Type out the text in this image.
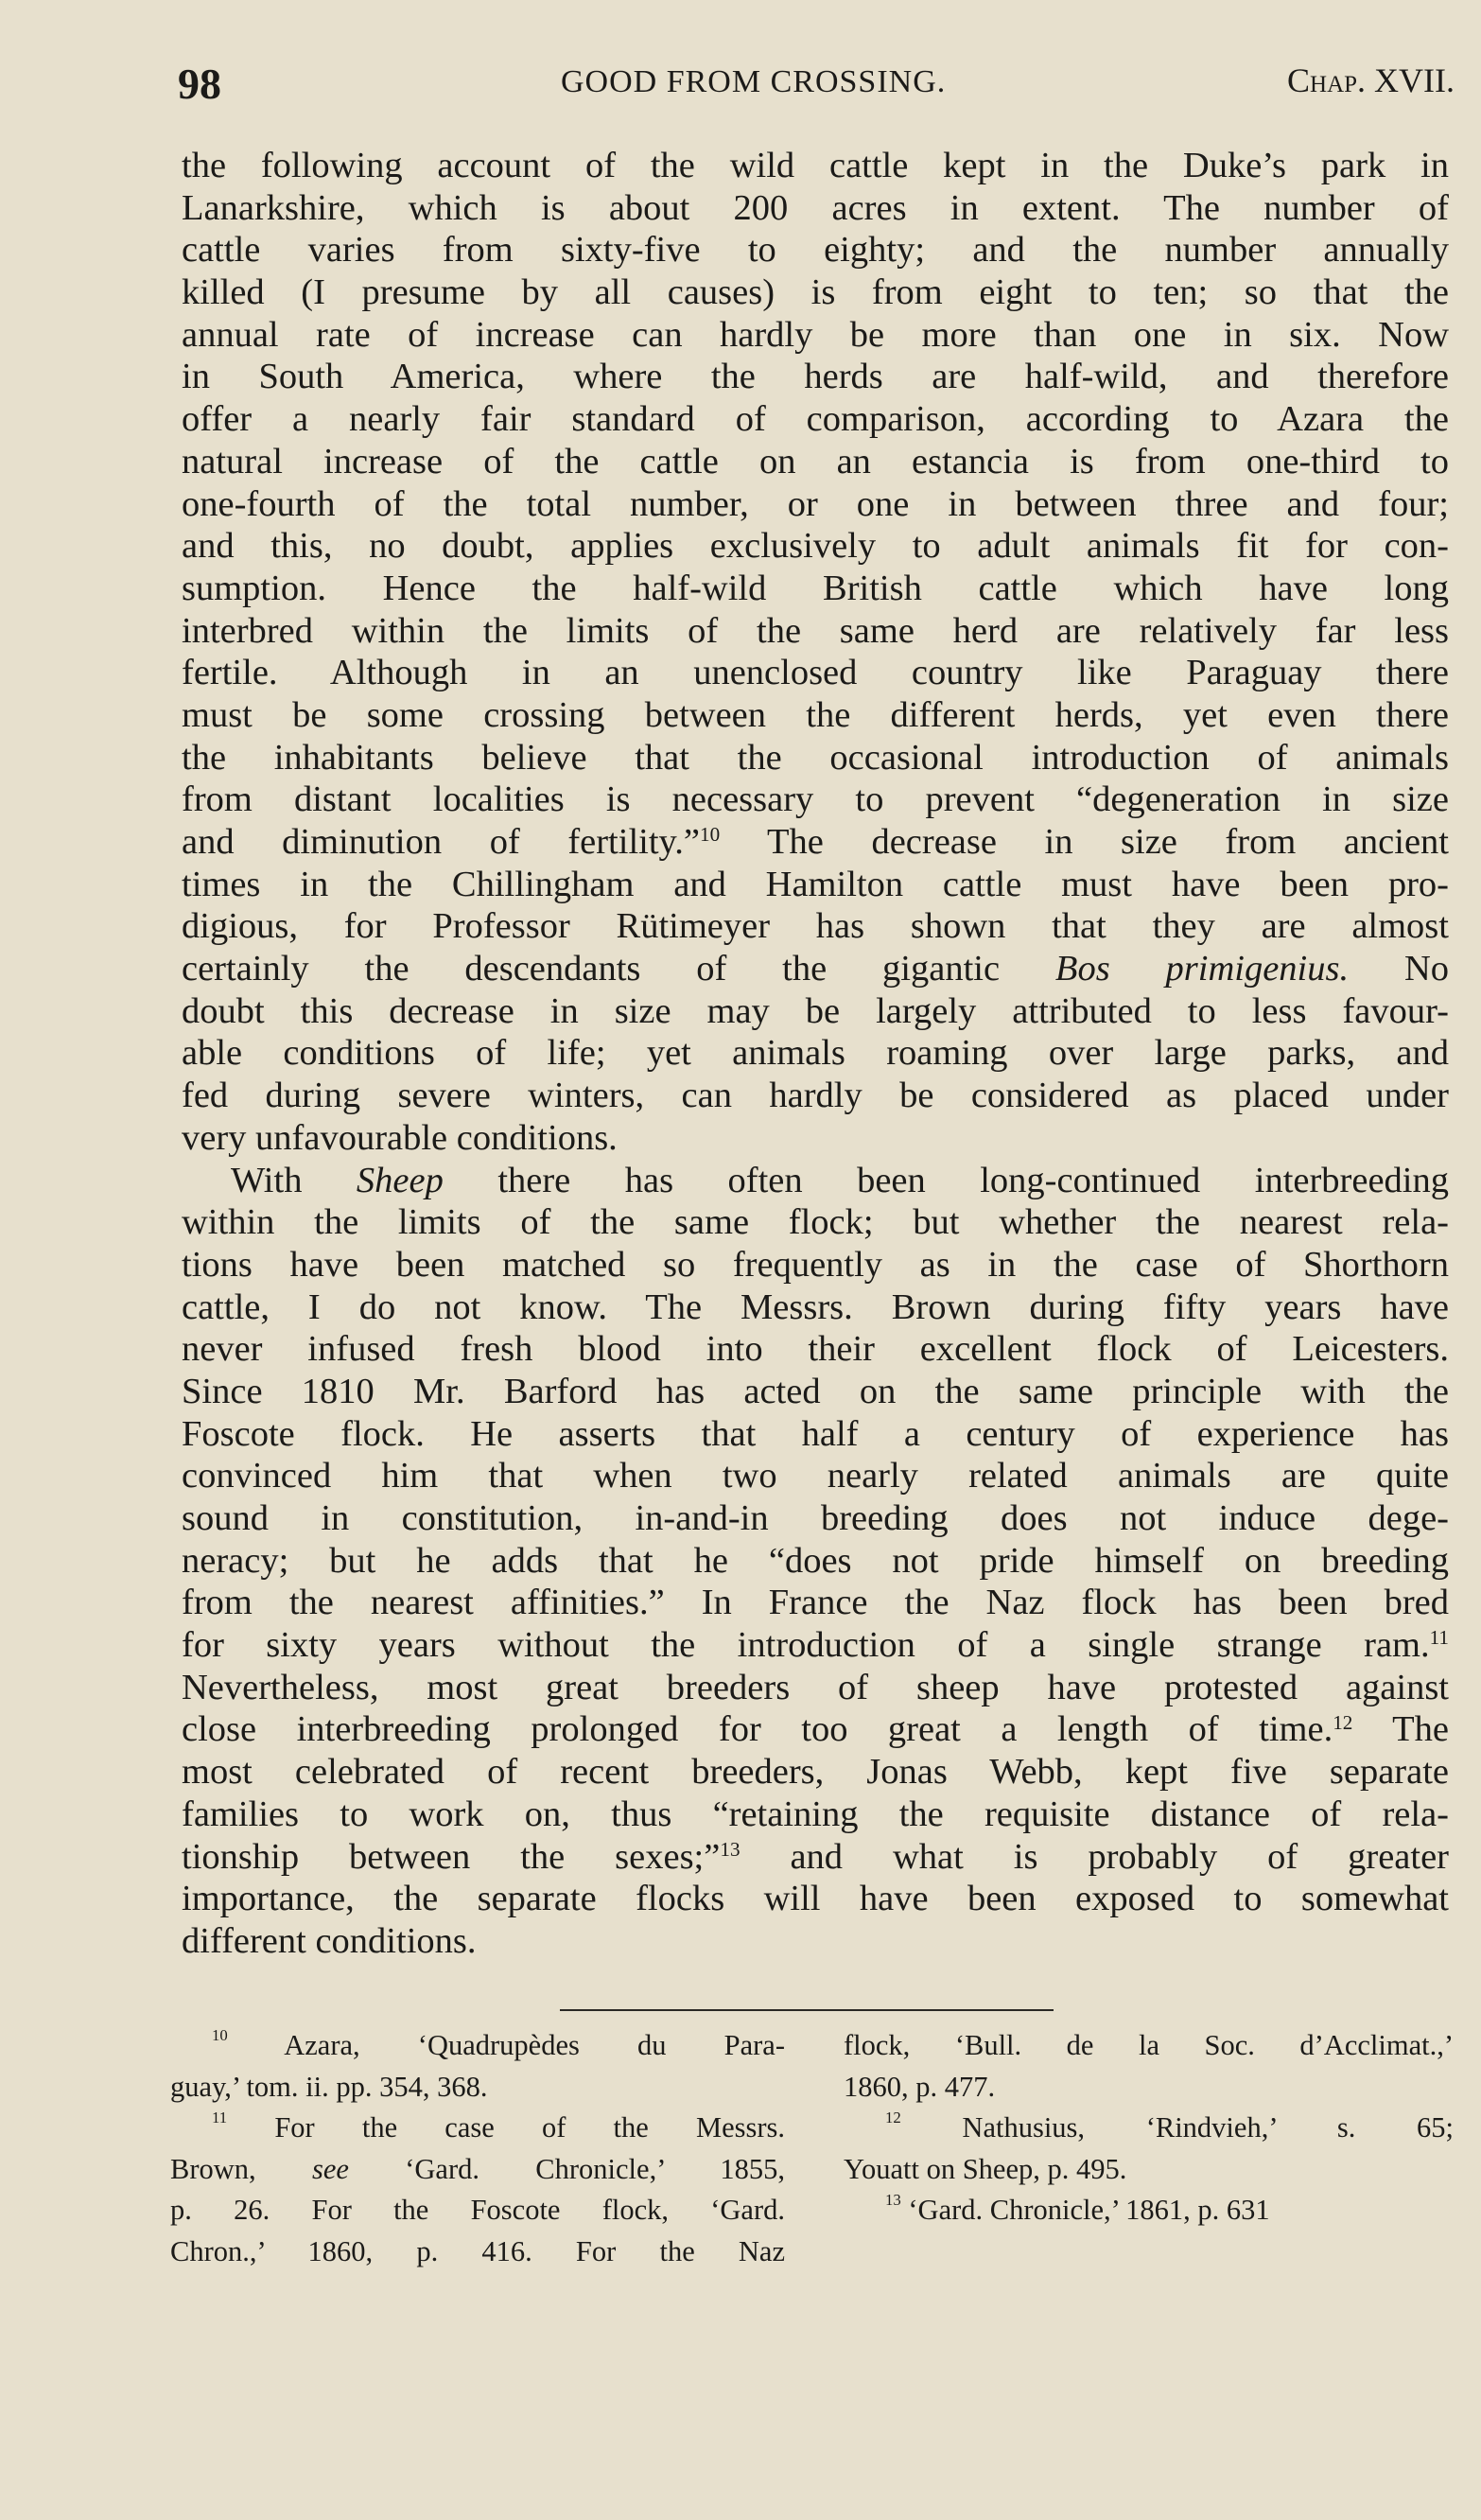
98	GOOD FROM CROSSING.	Chap. XVII.
the following account of the wild cattle kept in the Duke’s park in
Lanarkshire, which is about 200 acres in extent. The number of
cattle varies from sixty-five to eighty; and the number annually
killed (I presume by all causes) is from eight to ten; so that the
annual rate of increase can hardly be more than one in six. Now
in South America, where the herds are half-wild, and therefore
offer a nearly fair standard of comparison, according to Azara the
natural increase of the cattle on an estancia is from one-third to
one-fourth of the total number, or one in between three and four;
and this, no doubt, applies exclusively to adult animals fit for con-
sumption. Hence the half-wild British cattle which have long
interbred within the limits of the same herd are relatively far less
fertile. Although in an unenclosed country like Paraguay there
must be some crossing between the different herds, yet even there
the inhabitants believe that the occasional introduction of animals
from distant localities is necessary to prevent “degeneration in size
and diminution of fertility.”$^{10}$ The decrease in size from ancient
times in the Chillingham and Hamilton cattle must have been pro-
digious, for Professor Rütimeyer has shown that they are almost
certainly the descendants of the gigantic Bos primigenius. No
doubt this decrease in size may be largely attributed to less favour-
able conditions of life; yet animals roaming over large parks, and
fed during severe winters, can hardly be considered as placed under
very unfavourable conditions.
With Sheep there has often been long-continued interbreeding
within the limits of the same flock; but whether the nearest rela-
tions have been matched so frequently as in the case of Shorthorn
cattle, I do not know. The Messrs. Brown during fifty years have
never infused fresh blood into their excellent flock of Leicesters.
Since 1810 Mr. Barford has acted on the same principle with the
Foscote flock. He asserts that half a century of experience has
convinced him that when two nearly related animals are quite
sound in constitution, in-and-in breeding does not induce dege-
neracy; but he adds that he “does not pride himself on breeding
from the nearest affinities.” In France the Naz flock has been bred
for sixty years without the introduction of a single strange ram.$^{11}$
Nevertheless, most great breeders of sheep have protested against
close interbreeding prolonged for too great a length of time.$^{12}$ The
most celebrated of recent breeders, Jonas Webb, kept five separate
families to work on, thus “retaining the requisite distance of rela-
tionship between the sexes;”$^{13}$ and what is probably of greater
importance, the separate flocks will have been exposed to somewhat
different conditions.
$^{10}$ Azara, ‘Quadrupèdes du Para-
guay,’ tom. ii. pp. 354, 368.
$^{11}$ For the case of the Messrs.
Brown, see ‘Gard. Chronicle,’ 1855,
p. 26. For the Foscote flock, ‘Gard.
Chron.,’ 1860, p. 416. For the Naz
flock, ‘Bull. de la Soc. d’Acclimat.,’
1860, p. 477.
$^{12}$ Nathusius, ‘Rindvieh,’ s. 65;
Youatt on Sheep, p. 495.
$^{13}$ ‘Gard. Chronicle,’ 1861, p. 631
